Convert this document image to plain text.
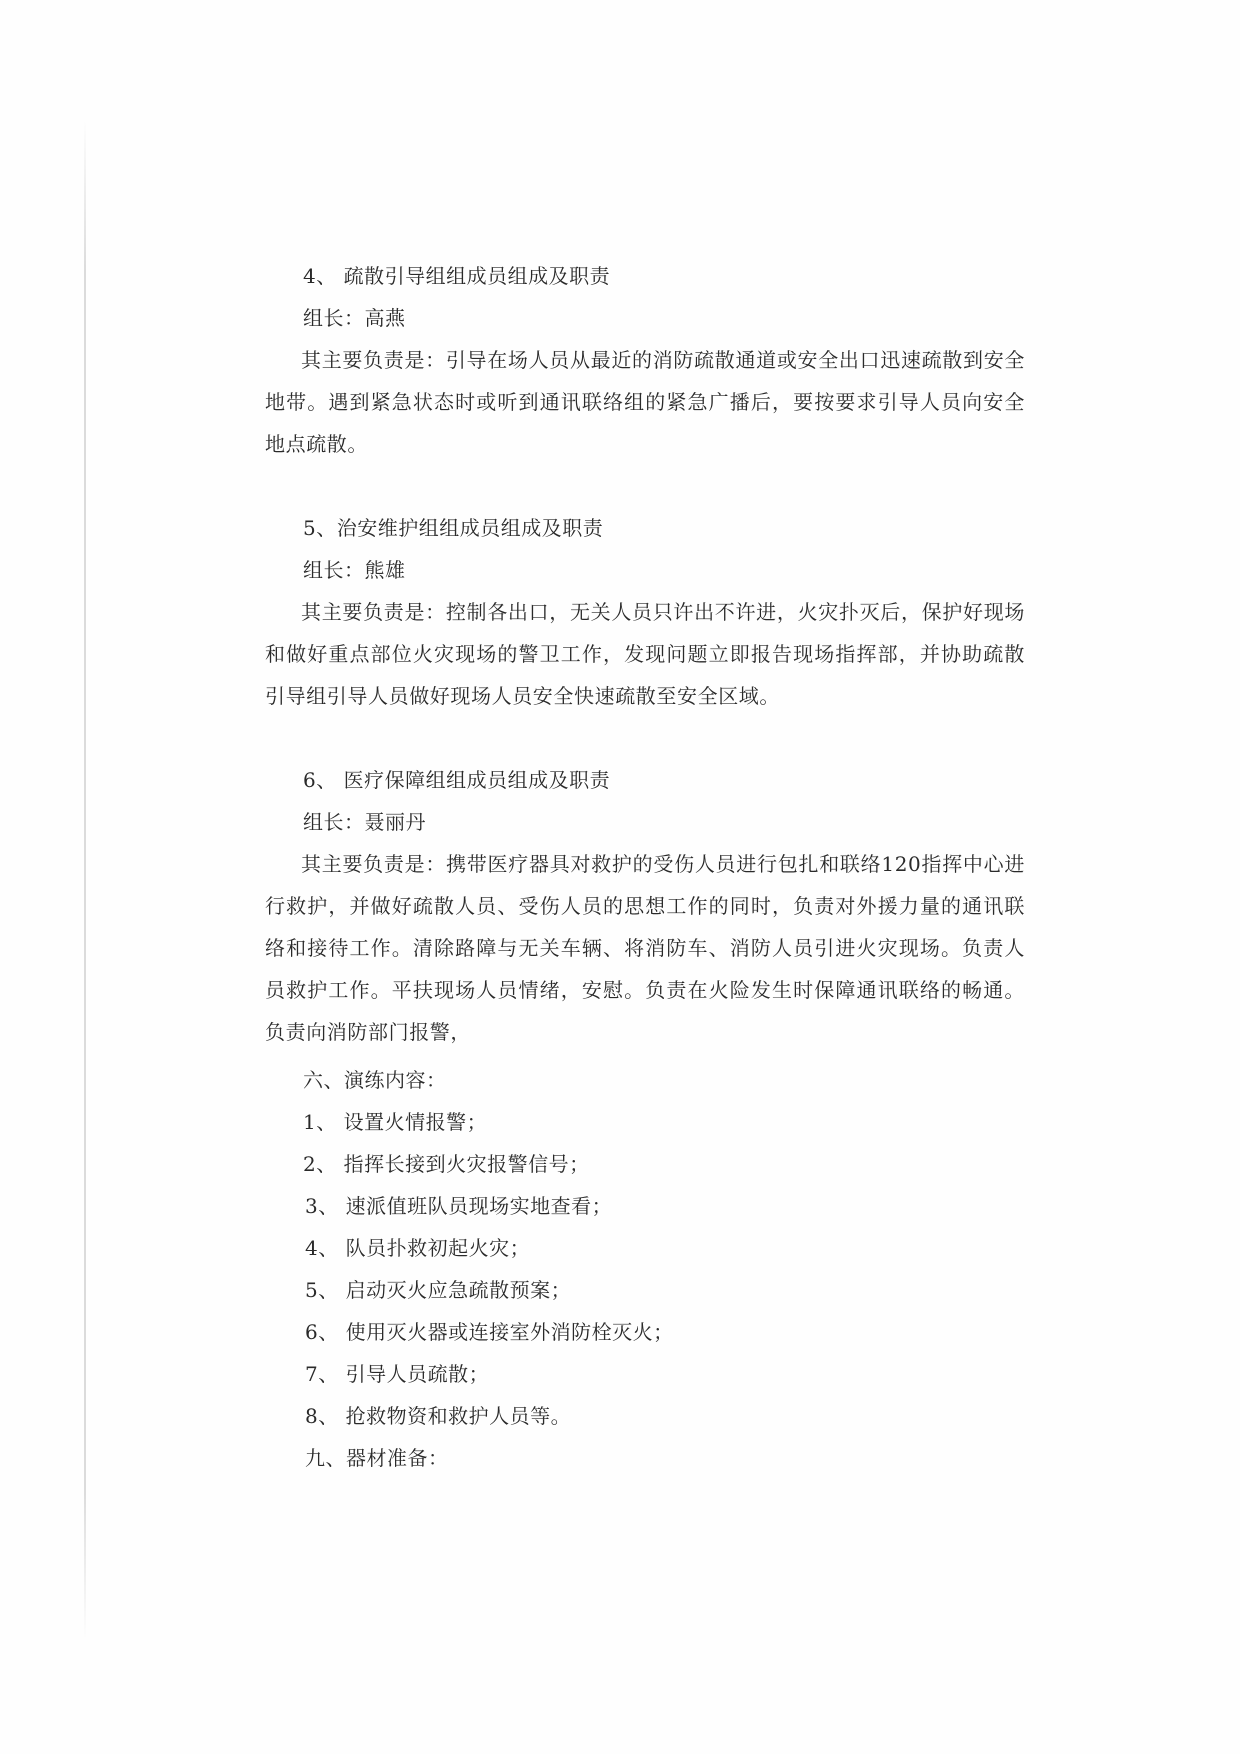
4、 疏散引导组组成员组成及职责
组长：高燕
其主要负责是：引导在场人员从最近的消防疏散通道或安全出口迅速疏散到安全地带。遇到紧急状态时或听到通讯联络组的紧急广播后，要按要求引导人员向安全地点疏散。
5、治安维护组组成员组成及职责
组长：熊雄
其主要负责是：控制各出口，无关人员只许出不许进，火灾扑灭后，保护好现场和做好重点部位火灾现场的警卫工作，发现问题立即报告现场指挥部，并协助疏散引导组引导人员做好现场人员安全快速疏散至安全区域。
6、 医疗保障组组成员组成及职责
组长：聂丽丹
其主要负责是：携带医疗器具对救护的受伤人员进行包扎和联络120指挥中心进行救护，并做好疏散人员、受伤人员的思想工作的同时，负责对外援力量的通讯联络和接待工作。清除路障与无关车辆、将消防车、消防人员引进火灾现场。负责人员救护工作。平扶现场人员情绪，安慰。负责在火险发生时保障通讯联络的畅通。负责向消防部门报警，
六、演练内容：
1、 设置火情报警；
2、 指挥长接到火灾报警信号；
3、 速派值班队员现场实地查看；
4、 队员扑救初起火灾；
5、 启动灭火应急疏散预案；
6、 使用灭火器或连接室外消防栓灭火；
7、 引导人员疏散；
8、 抢救物资和救护人员等。
九、器材准备：
